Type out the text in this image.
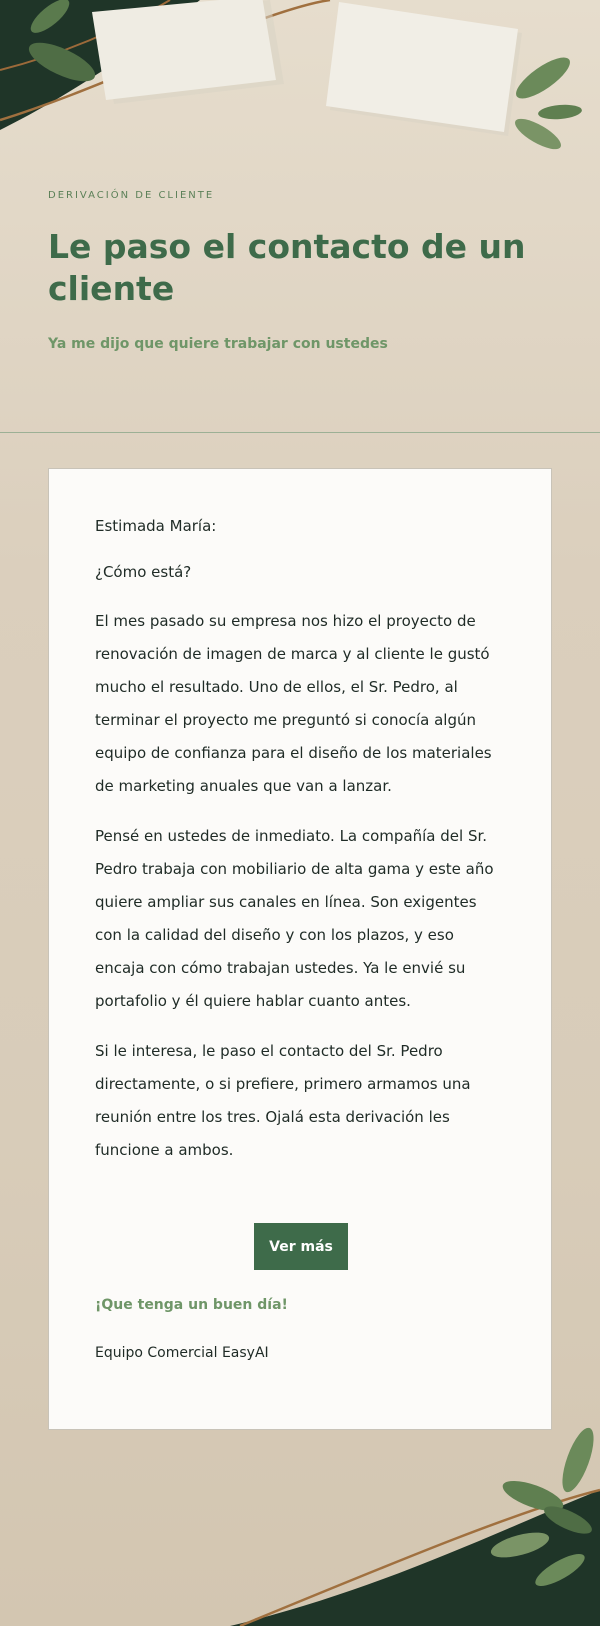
DERIVACIÓN DE CLIENTE
Le paso el contacto de un cliente
Ya me dijo que quiere trabajar con ustedes

Estimada María:

¿Cómo está?

El mes pasado su empresa nos hizo el proyecto de renovación de imagen de marca y al cliente le gustó mucho el resultado. Uno de ellos, el Sr. Pedro, al terminar el proyecto me preguntó si conocía algún equipo de confianza para el diseño de los materiales de marketing anuales que van a lanzar.

Pensé en ustedes de inmediato. La compañía del Sr. Pedro trabaja con mobiliario de alta gama y este año quiere ampliar sus canales en línea. Son exigentes con la calidad del diseño y con los plazos, y eso encaja con cómo trabajan ustedes. Ya le envié su portafolio y él quiere hablar cuanto antes.

Si le interesa, le paso el contacto del Sr. Pedro directamente, o si prefiere, primero armamos una reunión entre los tres. Ojalá esta derivación les funcione a ambos.

Ver más
¡Que tenga un buen día!
Equipo Comercial EasyAI
